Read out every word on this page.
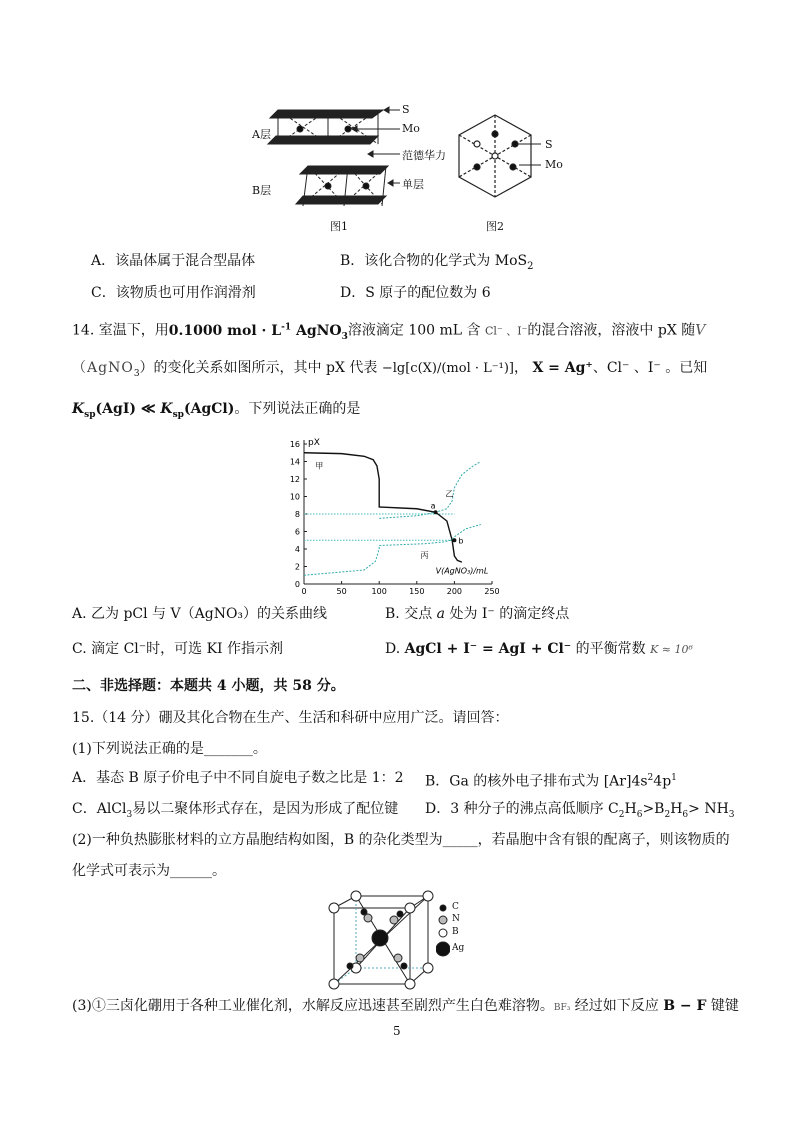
A层
B层
S
Mo
范德华力
单层
图1
S
Mo
图2
A．该晶体属于混合型晶体	B．该化合物的化学式为 MoS$_2$
C．该物质也可用作润滑剂	D．S 原子的配位数为 6
14. 室温下，用0.1000 mol · $L^{-1}$ AgNO$_3$溶液滴定 100 mL 含 Cl⁻ 、I⁻的混合溶液，溶液中 pX 随V
（AgNO$_3$）的变化关系如图所示，其中 pX 代表 −lg[c(X)/(mol · L⁻¹)]， X = Ag⁺、Cl⁻ 、I⁻ 。已知
$K_{sp}(AgI)$ ≪ $K_{sp}(AgCl)$。下列说法正确的是
0	50	100	150	200	250
0
2
4
6
8
10
12
14
16 pX
V(AgNO₃)/mL
甲
乙
丙
a
b
A. 乙为 pCl 与 V（AgNO₃）的关系曲线	B. 交点 a 处为 I⁻ 的滴定终点
C. 滴定 Cl⁻时，可选 KI 作指示剂	D. AgCl + I⁻ = AgI + Cl⁻ 的平衡常数 K ≈ 10⁶
二、非选择题：本题共 4 小题，共 58 分。
15.（14 分）硼及其化合物在生产、生活和科研中应用广泛。请回答：
(1)下列说法正确的是_______。
A．基态 B 原子价电子中不同自旋电子数之比是 1：2 B．Ga 的核外电子排布式为 $[Ar]4s^24p^1$
C．AlCl$_3$易以二聚体形式存在，是因为形成了配位键 D．3 种分子的沸点高低顺序 $C_2H_6>B_2H_6> NH_3$
(2)一种负热膨胀材料的立方晶胞结构如图，B 的杂化类型为_____，若晶胞中含有银的配离子，则该物质的
化学式可表示为______。
C
N
B
Ag
(3)①三卤化硼用于各种工业催化剂，水解反应迅速甚至剧烈产生白色难溶物。BF₃ 经过如下反应 B − F 键键
5
